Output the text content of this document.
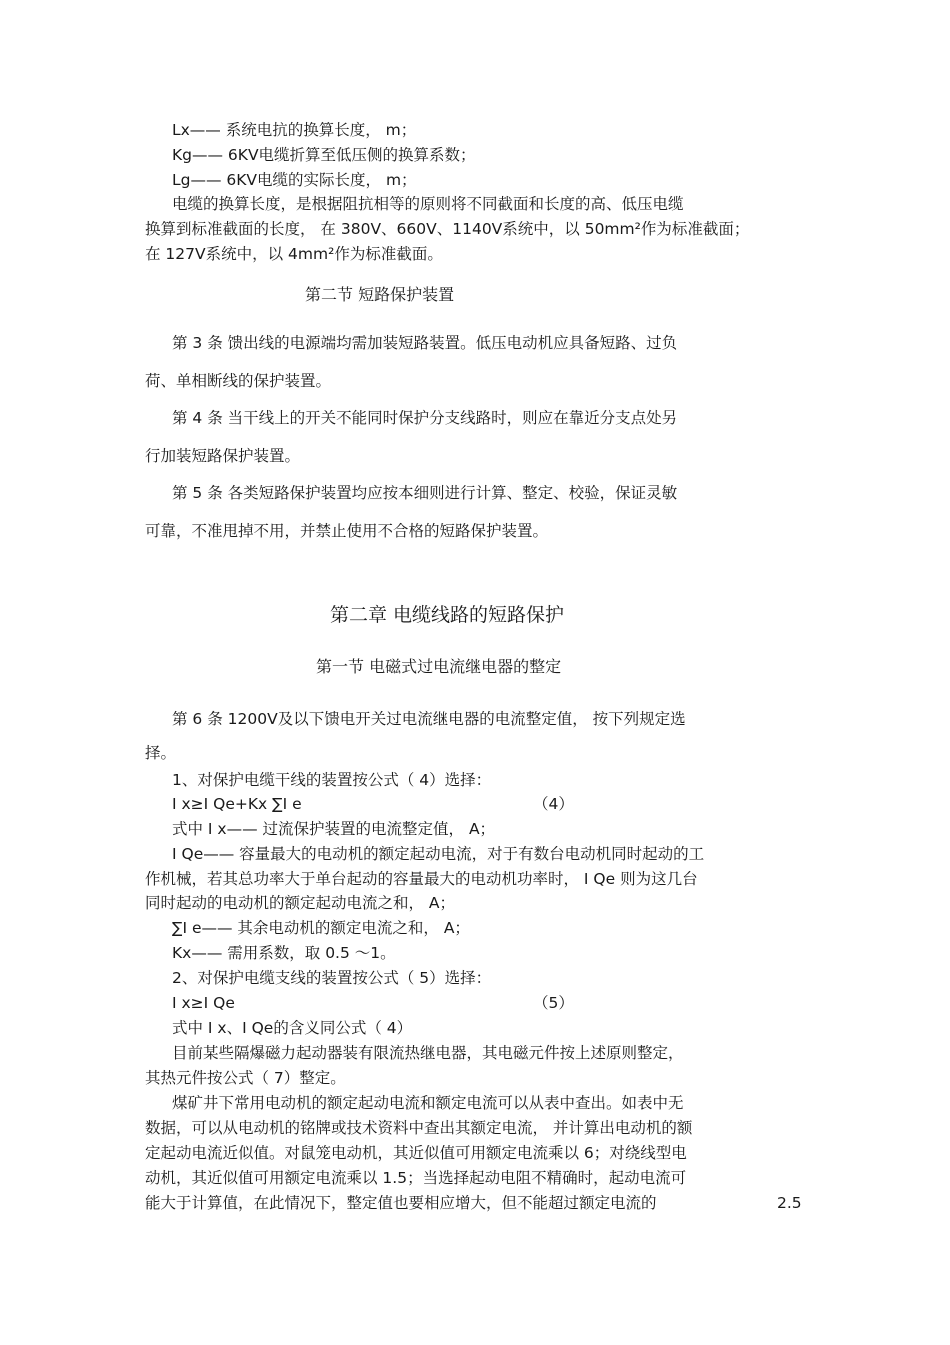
Lx—— 系统电抗的换算长度， m；
Kg—— 6KV电缆折算至低压侧的换算系数；
Lg—— 6KV电缆的实际长度， m；
电缆的换算长度，是根据阻抗相等的原则将不同截面和长度的高、低压电缆
换算到标准截面的长度， 在 380V、660V、1140V系统中，以 50mm²作为标准截面；
在 127V系统中，以 4mm²作为标准截面。
第二节 短路保护装置
第 3 条 馈出线的电源端均需加装短路装置。低压电动机应具备短路、过负
荷、单相断线的保护装置。
第 4 条 当干线上的开关不能同时保护分支线路时，则应在靠近分支点处另
行加装短路保护装置。
第 5 条 各类短路保护装置均应按本细则进行计算、整定、校验，保证灵敏
可靠，不准甩掉不用，并禁止使用不合格的短路保护装置。
第二章 电缆线路的短路保护
第一节 电磁式过电流继电器的整定
第 6 条 1200V及以下馈电开关过电流继电器的电流整定值， 按下列规定选
择。
1、对保护电缆干线的装置按公式（ 4）选择：
I x≥I Qe+Kx ∑I e	（4）
式中 I x—— 过流保护装置的电流整定值， A；
I Qe—— 容量最大的电动机的额定起动电流，对于有数台电动机同时起动的工
作机械，若其总功率大于单台起动的容量最大的电动机功率时， I Qe 则为这几台
同时起动的电动机的额定起动电流之和， A；
∑I e—— 其余电动机的额定电流之和， A；
Kx—— 需用系数，取 0.5 ～1。
2、对保护电缆支线的装置按公式（ 5）选择：
I x≥I Qe	（5）
式中 I x、I Qe的含义同公式（ 4）
目前某些隔爆磁力起动器装有限流热继电器，其电磁元件按上述原则整定，
其热元件按公式（ 7）整定。
煤矿井下常用电动机的额定起动电流和额定电流可以从表中查出。如表中无
数据，可以从电动机的铭牌或技术资料中查出其额定电流， 并计算出电动机的额
定起动电流近似值。对鼠笼电动机，其近似值可用额定电流乘以 6；对绕线型电
动机，其近似值可用额定电流乘以 1.5；当选择起动电阻不精确时，起动电流可
能大于计算值，在此情况下，整定值也要相应增大，但不能超过额定电流的	2.5
